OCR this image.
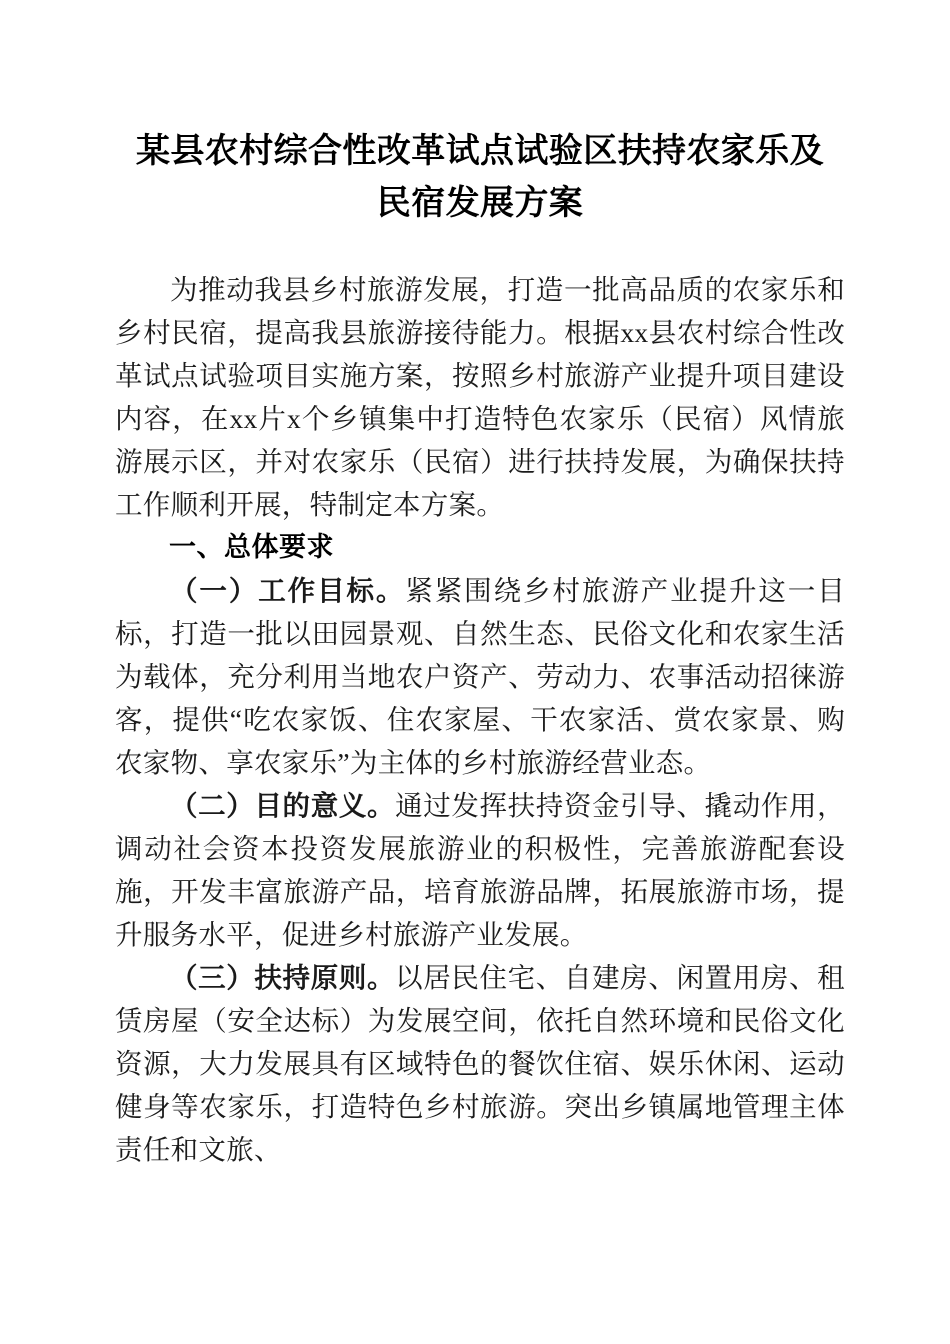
某县农村综合性改革试点试验区扶持农家乐及
民宿发展方案

为推动我县乡村旅游发展，打造一批高品质的农家乐和乡村民宿，提高我县旅游接待能力。根据xx县农村综合性改革试点试验项目实施方案，按照乡村旅游产业提升项目建设内容，在xx片x个乡镇集中打造特色农家乐（民宿）风情旅游展示区，并对农家乐（民宿）进行扶持发展，为确保扶持工作顺利开展，特制定本方案。

一、总体要求

（一）工作目标。紧紧围绕乡村旅游产业提升这一目标，打造一批以田园景观、自然生态、民俗文化和农家生活为载体，充分利用当地农户资产、劳动力、农事活动招徕游客，提供“吃农家饭、住农家屋、干农家活、赏农家景、购农家物、享农家乐”为主体的乡村旅游经营业态。

（二）目的意义。通过发挥扶持资金引导、撬动作用，调动社会资本投资发展旅游业的积极性，完善旅游配套设施，开发丰富旅游产品，培育旅游品牌，拓展旅游市场，提升服务水平，促进乡村旅游产业发展。

（三）扶持原则。以居民住宅、自建房、闲置用房、租赁房屋（安全达标）为发展空间，依托自然环境和民俗文化资源，大力发展具有区域特色的餐饮住宿、娱乐休闲、运动健身等农家乐，打造特色乡村旅游。突出乡镇属地管理主体责任和文旅、
